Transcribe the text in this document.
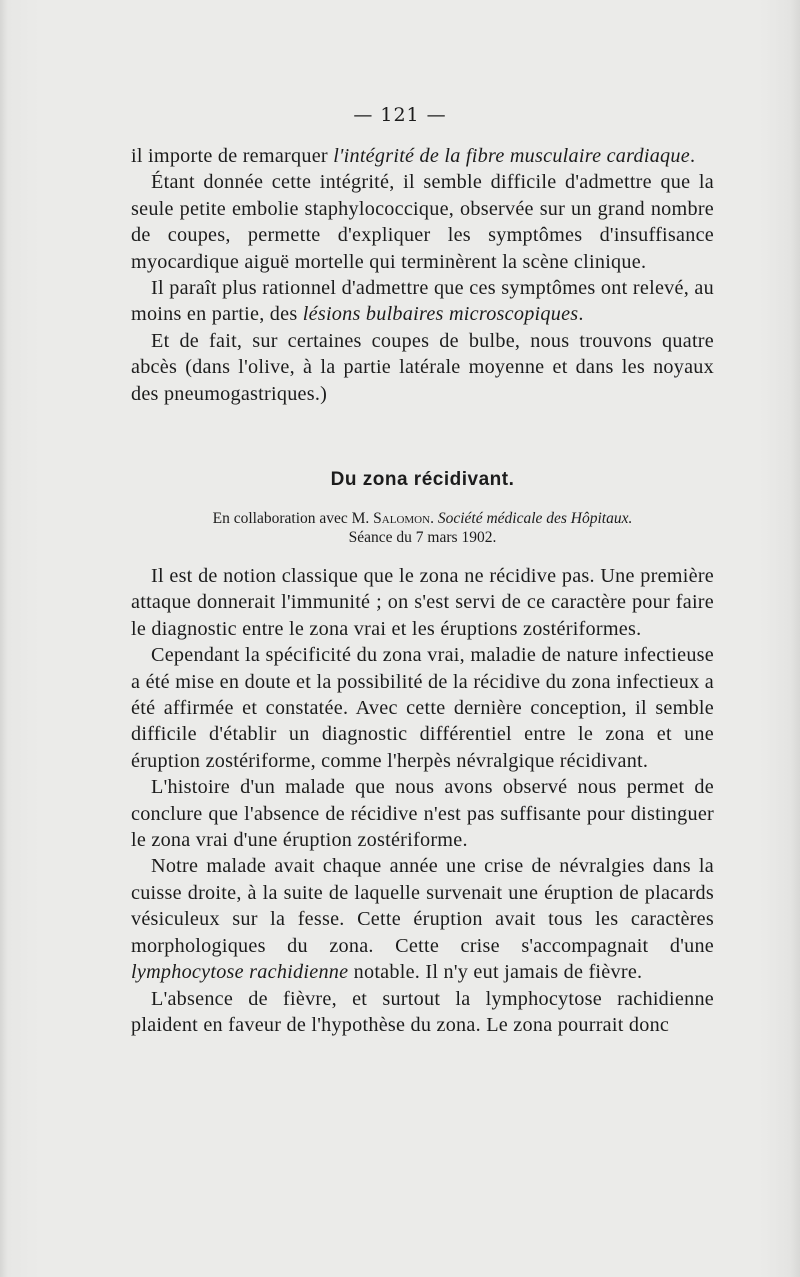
— 121 —

il importe de remarquer l'intégrité de la fibre musculaire cardiaque.

Étant donnée cette intégrité, il semble difficile d'admettre que la seule petite embolie staphylococcique, observée sur un grand nombre de coupes, permette d'expliquer les symptômes d'insuffisance myocardique aiguë mortelle qui terminèrent la scène clinique.

Il paraît plus rationnel d'admettre que ces symptômes ont relevé, au moins en partie, des lésions bulbaires microscopiques.

Et de fait, sur certaines coupes de bulbe, nous trouvons quatre abcès (dans l'olive, à la partie latérale moyenne et dans les noyaux des pneumogastriques.)

Du zona récidivant.
En collaboration avec M. Salomon. Société médicale des Hôpitaux.
Séance du 7 mars 1902.

Il est de notion classique que le zona ne récidive pas. Une première attaque donnerait l'immunité ; on s'est servi de ce caractère pour faire le diagnostic entre le zona vrai et les éruptions zostériformes.

Cependant la spécificité du zona vrai, maladie de nature infectieuse a été mise en doute et la possibilité de la récidive du zona infectieux a été affirmée et constatée. Avec cette dernière conception, il semble difficile d'établir un diagnostic différentiel entre le zona et une éruption zostériforme, comme l'herpès névralgique récidivant.

L'histoire d'un malade que nous avons observé nous permet de conclure que l'absence de récidive n'est pas suffisante pour distinguer le zona vrai d'une éruption zostériforme.

Notre malade avait chaque année une crise de névralgies dans la cuisse droite, à la suite de laquelle survenait une éruption de placards vésiculeux sur la fesse. Cette éruption avait tous les caractères morphologiques du zona. Cette crise s'accompagnait d'une lymphocytose rachidienne notable. Il n'y eut jamais de fièvre.

L'absence de fièvre, et surtout la lymphocytose rachidienne plaident en faveur de l'hypothèse du zona. Le zona pourrait donc
